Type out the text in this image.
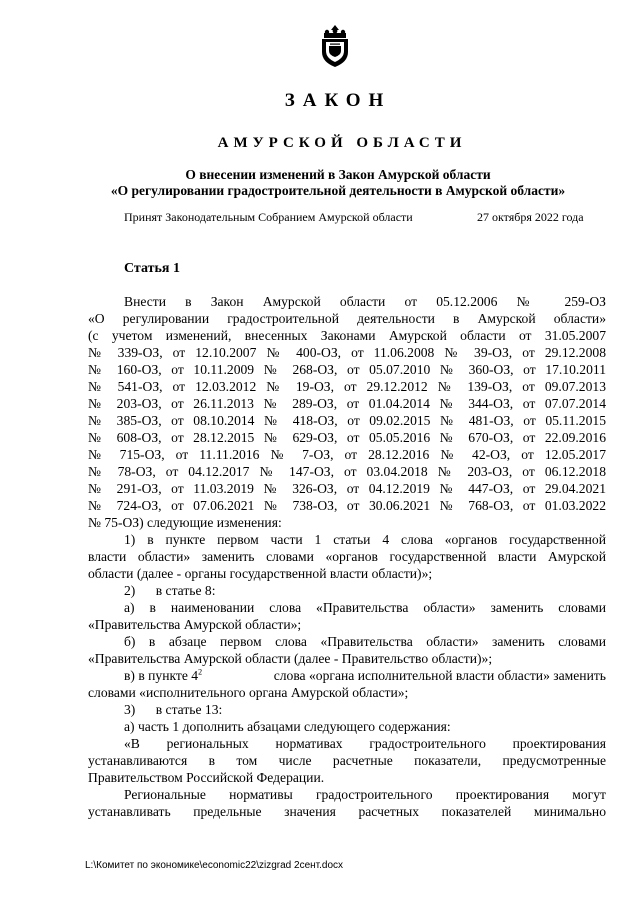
ЗАКОН
АМУРСКОЙ ОБЛАСТИ
О внесении изменений в Закон Амурской области
«О регулировании градостроительной деятельности в Амурской области»
Принят Законодательным Собранием Амурской области	27 октября 2022 года
Статья 1
Внести в Закон Амурской области от 05.12.2006 № 259-ОЗ
«О регулировании градостроительной деятельности в Амурской области»
(с учетом изменений, внесенных Законами Амурской области от 31.05.2007
№ 339-ОЗ, от 12.10.2007 № 400-ОЗ, от 11.06.2008 № 39-ОЗ, от 29.12.2008
№ 160-ОЗ, от 10.11.2009 № 268-ОЗ, от 05.07.2010 № 360-ОЗ, от 17.10.2011
№ 541-ОЗ, от 12.03.2012 № 19-ОЗ, от 29.12.2012 № 139-ОЗ, от 09.07.2013
№ 203-ОЗ, от 26.11.2013 № 289-ОЗ, от 01.04.2014 № 344-ОЗ, от 07.07.2014
№ 385-ОЗ, от 08.10.2014 № 418-ОЗ, от 09.02.2015 № 481-ОЗ, от 05.11.2015
№ 608-ОЗ, от 28.12.2015 № 629-ОЗ, от 05.05.2016 № 670-ОЗ, от 22.09.2016
№ 715-ОЗ, от 11.11.2016 № 7-ОЗ, от 28.12.2016 № 42-ОЗ, от 12.05.2017
№ 78-ОЗ, от 04.12.2017 № 147-ОЗ, от 03.04.2018 № 203-ОЗ, от 06.12.2018
№ 291-ОЗ, от 11.03.2019 № 326-ОЗ, от 04.12.2019 № 447-ОЗ, от 29.04.2021
№ 724-ОЗ, от 07.06.2021 № 738-ОЗ, от 30.06.2021 № 768-ОЗ, от 01.03.2022
№ 75-ОЗ) следующие изменения:
1) в пункте первом части 1 статьи 4 слова «органов государственной
власти области» заменить словами «органов государственной власти Амурской
области (далее - органы государственной власти области)»;
2)      в статье 8:
а) в наименовании слова «Правительства области» заменить словами
«Правительства Амурской области»;
б) в абзаце первом слова «Правительства области» заменить словами
«Правительства Амурской области (далее - Правительство области)»;
в) в пункте $4^2$	слова «органа исполнительной власти области» заменить
словами «исполнительного органа Амурской области»;
3)      в статье 13:
а) часть 1 дополнить абзацами следующего содержания:
«В региональных нормативах градостроительного проектирования
устанавливаются в том числе расчетные показатели, предусмотренные
Правительством Российской Федерации.
Региональные нормативы градостроительного проектирования могут
устанавливать предельные значения расчетных показателей минимально
L:\Комитет по экономике\economic22\zizgrad 2сент.docx
